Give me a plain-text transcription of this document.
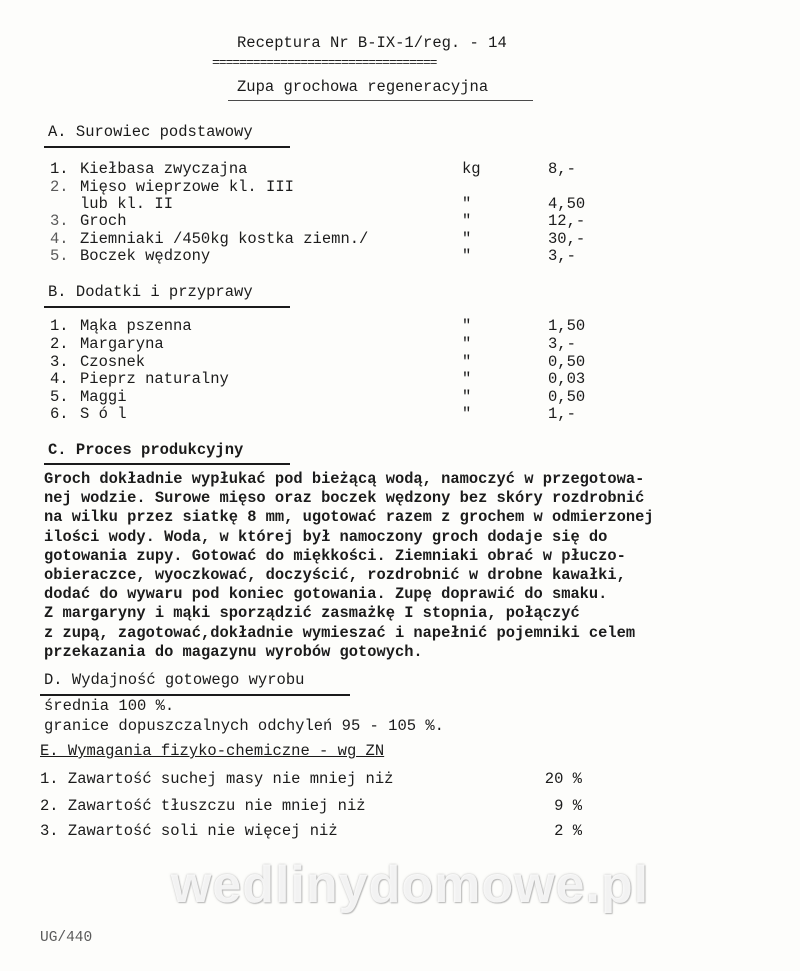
Receptura Nr B-IX-1/reg. - 14
=================================
Zupa grochowa regeneracyjna
A. Surowiec podstawowy
1. Kiełbasa zwyczajna	kg	8,-
2. Mięso wieprzowe kl. III
lub kl. II	"	4,50
3. Groch	"	12,-
4. Ziemniaki /450kg kostka ziemn./	"	30,-
5. Boczek wędzony	"	3,-
B. Dodatki i przyprawy
1. Mąka pszenna	"	1,50
2. Margaryna	"	3,-
3. Czosnek	"	0,50
4. Pieprz naturalny	"	0,03
5. Maggi	"	0,50
6. S ó l	"	1,-
C. Proces produkcyjny
Groch dokładnie wypłukać pod bieżącą wodą, namoczyć w przegotowa-
nej wodzie. Surowe mięso oraz boczek wędzony bez skóry rozdrobnić
na wilku przez siatkę 8 mm, ugotować razem z grochem w odmierzonej
ilości wody. Woda, w której był namoczony groch dodaje się do
gotowania zupy. Gotować do miękkości. Ziemniaki obrać w płuczo-
obieraczce, wyoczkować, doczyścić, rozdrobnić w drobne kawałki,
dodać do wywaru pod koniec gotowania. Zupę doprawić do smaku.
Z margaryny i mąki sporządzić zasmażkę I stopnia, połączyć
z zupą, zagotować,dokładnie wymieszać i napełnić pojemniki celem
przekazania do magazynu wyrobów gotowych.
D. Wydajność gotowego wyrobu
średnia 100 %.
granice dopuszczalnych odchyleń 95 - 105 %.
E. Wymagania fizyko-chemiczne - wg ZN
1. Zawartość suchej masy nie mniej niż	20 %
2. Zawartość tłuszczu nie mniej niż	9 %
3. Zawartość soli nie więcej niż	2 %
wedlinydomowe.pl
UG/440
